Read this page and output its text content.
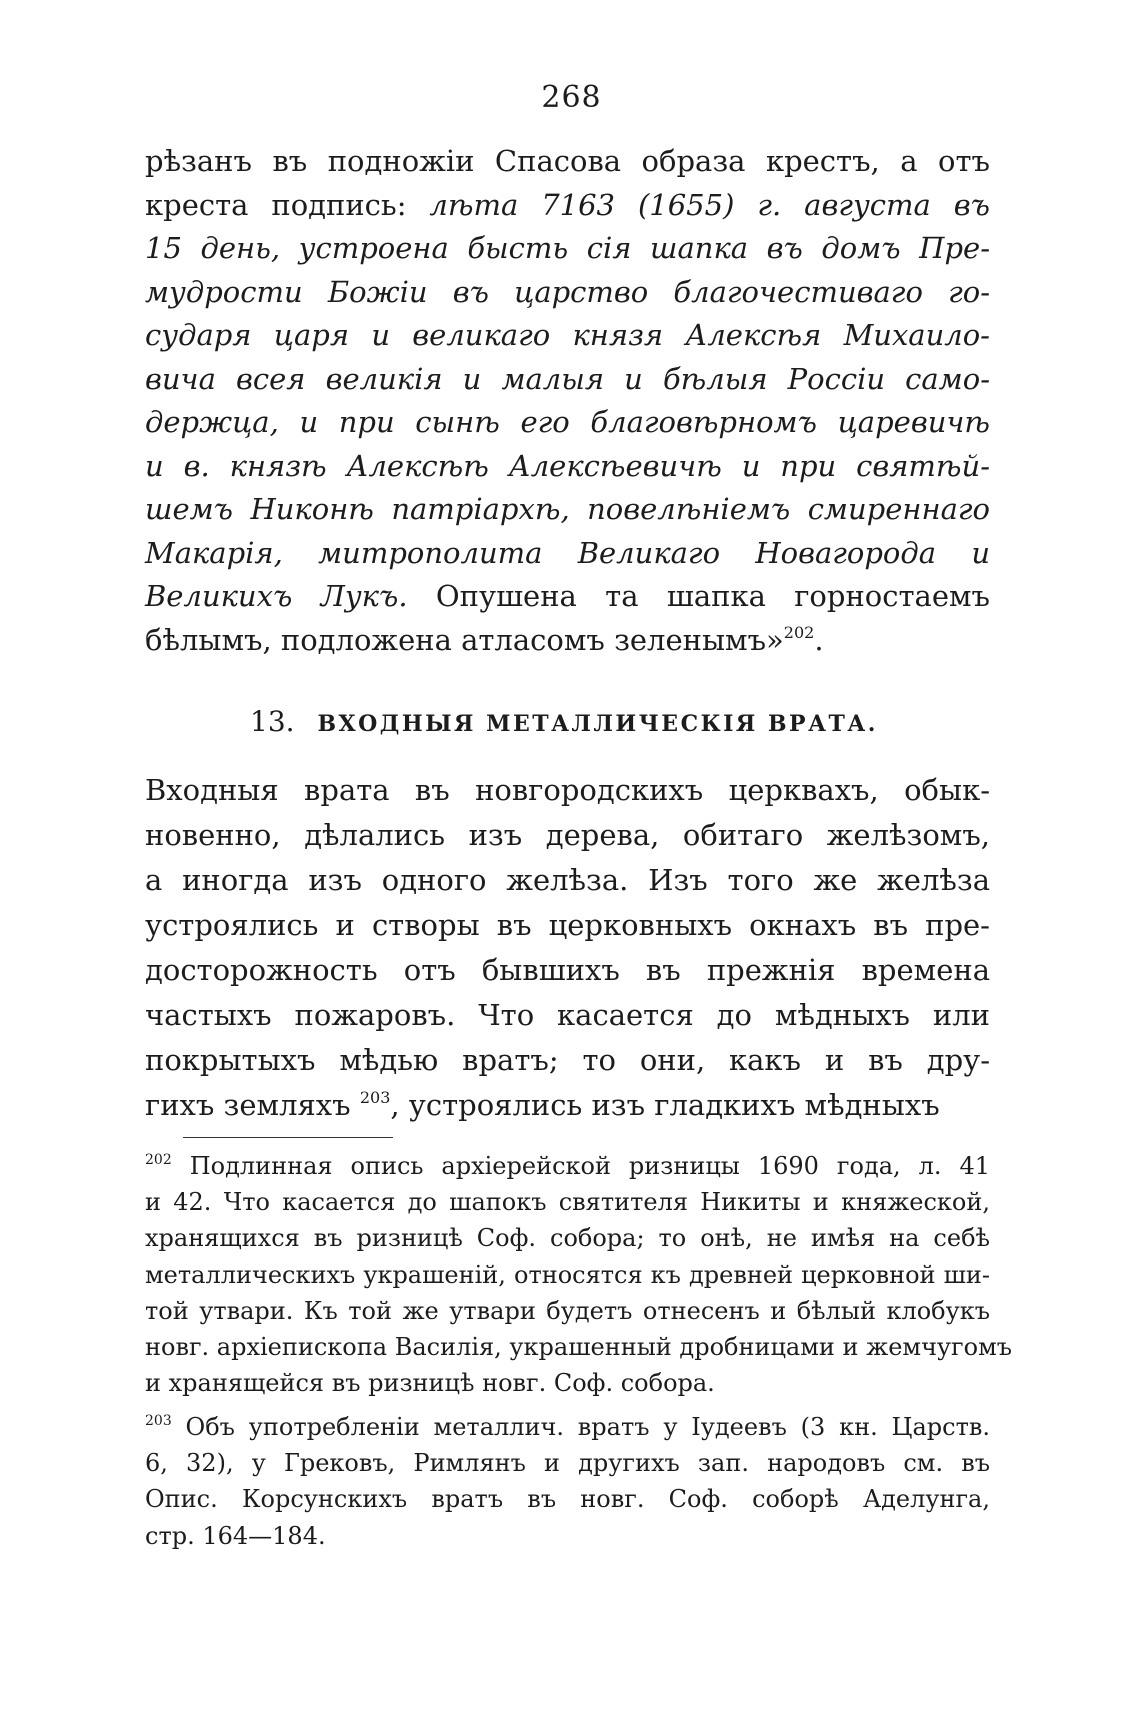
268
рѣзанъ въ подножіи Спасова образа крестъ, а отъ
креста подпись: лѣта 7163 (1655) г. августа въ
15 день, устроена бысть сія шапка въ домъ Пре-
мудрости Божіи въ царство благочестиваго го-
сударя царя и великаго князя Алексѣя Михаило-
вича всея великія и малыя и бѣлыя Россіи само-
держца, и при сынѣ его благовѣрномъ царевичѣ
и в. князѣ Алексѣѣ Алексѣевичѣ и при святѣй-
шемъ Никонѣ патріархѣ, повелѣніемъ смиреннаго
Макарія, митрополита Великаго Новагорода и
Великихъ Лукъ. Опушена та шапка горностаемъ
бѣлымъ, подложена атласомъ зеленымъ»$^{202}$.
13. ВХОДНЫЯ МЕТАЛЛИЧЕСКІЯ ВРАТА.
Входныя врата въ новгородскихъ церквахъ, обык-
новенно, дѣлались изъ дерева, обитаго желѣзомъ,
а иногда изъ одного желѣза. Изъ того же желѣза
устроялись и створы въ церковныхъ окнахъ въ пре-
досторожность отъ бывшихъ въ прежнія времена
частыхъ пожаровъ. Что касается до мѣдныхъ или
покрытыхъ мѣдью вратъ; то они, какъ и въ дру-
гихъ земляхъ $^{203}$, устроялись изъ гладкихъ мѣдныхъ
$^{202}$ Подлинная опись архіерейской ризницы 1690 года, л. 41
и 42. Что касается до шапокъ святителя Никиты и княжеской,
хранящихся въ ризницѣ Соф. собора; то онѣ, не имѣя на себѣ
металлическихъ украшеній, относятся къ древней церковной ши-
той утвари. Къ той же утвари будетъ отнесенъ и бѣлый клобукъ
новг. архіепископа Василія, украшенный дробницами и жемчугомъ
и хранящейся въ ризницѣ новг. Соф. собора.
$^{203}$ Объ употребленіи металлич. вратъ у Іудеевъ (3 кн. Царств.
6, 32), у Грековъ, Римлянъ и другихъ зап. народовъ см. въ
Опис. Корсунскихъ вратъ въ новг. Соф. соборѣ Аделунга,
стр. 164—184.
